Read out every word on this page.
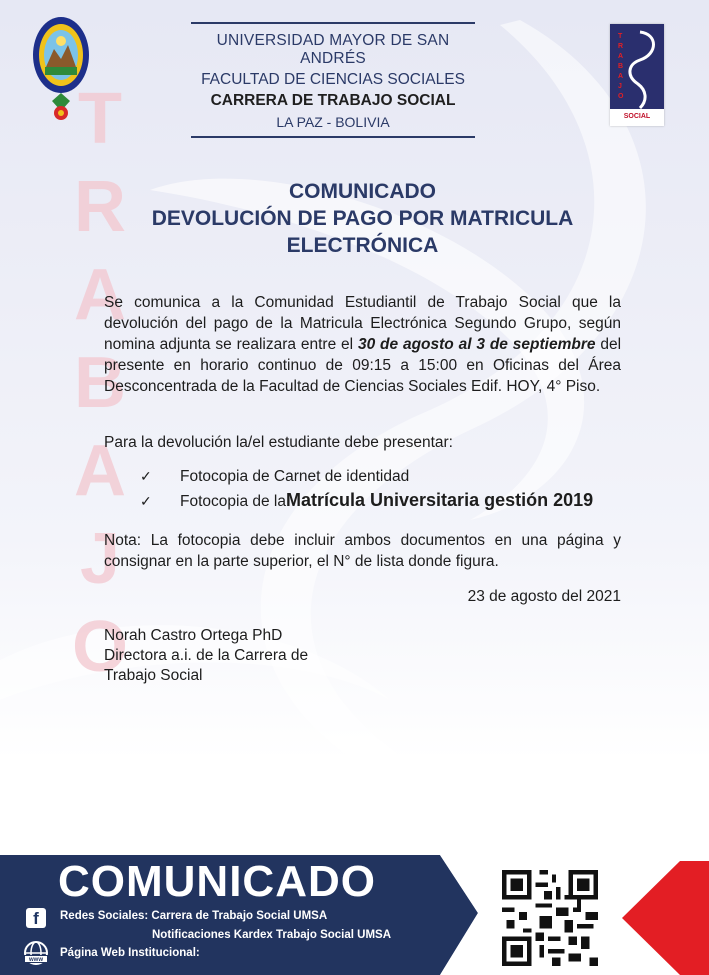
T
R
A
B
A
J
O
T
R
A
B
A
J
O
SOCIAL
UNIVERSIDAD MAYOR DE SAN ANDRÉS
FACULTAD DE CIENCIAS SOCIALES
CARRERA DE TRABAJO SOCIAL
LA PAZ - BOLIVIA
COMUNICADO
DEVOLUCIÓN DE PAGO POR MATRICULA
ELECTRÓNICA
Se comunica a la Comunidad Estudiantil de Trabajo Social que la devolución del pago de la Matricula Electrónica Segundo Grupo, según nomina adjunta se realizara entre el 30 de agosto al 3 de septiembre del presente en horario continuo de 09:15 a 15:00 en Oficinas del Área Desconcentrada de la Facultad de Ciencias Sociales Edif. HOY, 4° Piso.
Para la devolución la/el estudiante debe presentar:
✓	Fotocopia de Carnet de identidad
✓	Fotocopia de la Matrícula Universitaria gestión 2019
Nota: La fotocopia debe incluir ambos documentos en una página y consignar en la parte superior, el N° de lista donde figura.
23 de agosto del 2021
Norah Castro Ortega PhD
Directora a.i. de la Carrera de
Trabajo Social
COMUNICADO
f
www
Redes Sociales: Carrera de Trabajo Social UMSA
Notificaciones Kardex Trabajo Social UMSA
Página Web Institucional:
